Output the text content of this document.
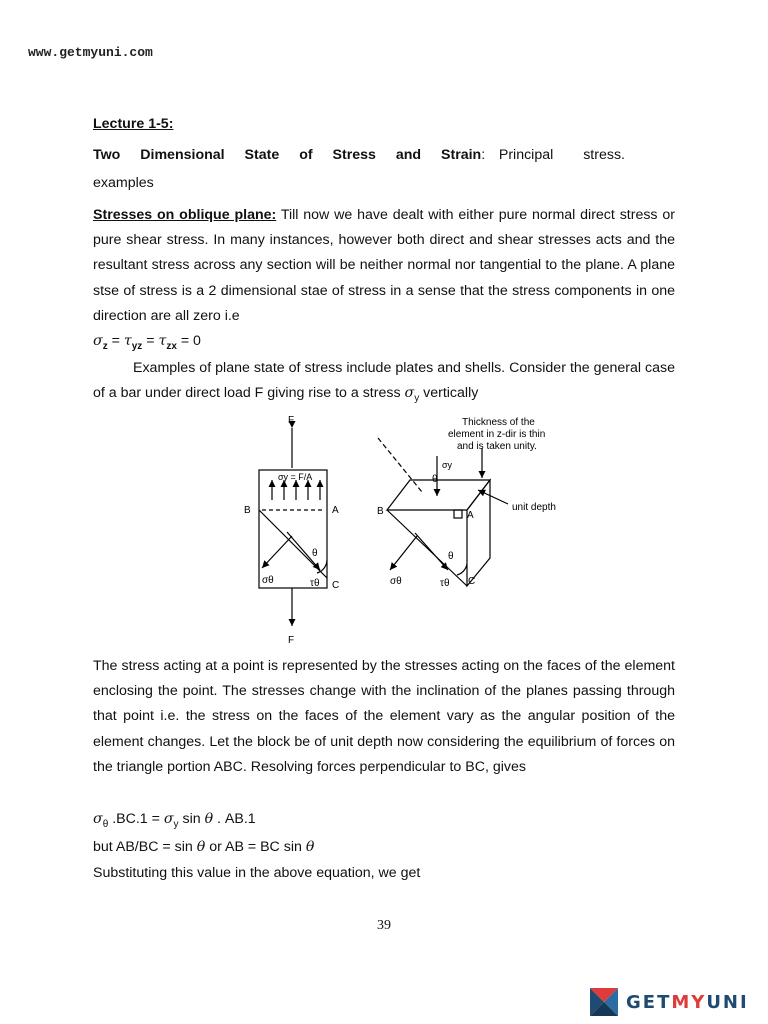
www.getmyuni.com
Lecture 1-5:
Two Dimensional State of Stress and Strain: Principal stress.
examples

Stresses on oblique plane: Till now we have dealt with either pure normal direct stress or pure shear stress. In many instances, however both direct and shear stresses acts and the resultant stress across any section will be neither normal nor tangential to the plane. A plane stse of stress is a 2 dimensional stae of stress in a sense that the stress components in one direction are all zero i.e

$\sigma_z = \tau_{yz} = \tau_{zx} = 0$

Examples of plane state of stress include plates and shells. Consider the general case of a bar under direct load F giving rise to a stress $\sigma_y$ vertically

F
σy = F/A
B	A
C
θ
σθ	τθ
F
Thickness of the
element in z-dir is thin
and is taken unity.
σy
θ
unit depth
B	A
C
θ
σθ	τθ

The stress acting at a point is represented by the stresses acting on the faces of the element enclosing the point. The stresses change with the inclination of the planes passing through that point i.e. the stress on the faces of the element vary as the angular position of the element changes. Let the block be of unit depth now considering the equilibrium of forces on the triangle portion ABC. Resolving forces perpendicular to BC, gives

$\sigma_\theta$ $.BC.1 = \sigma_y$ sin θ . AB.1
but AB/BC = sin θ or AB = BC sin θ
Substituting this value in the above equation, we get
39
GETMYUNI
